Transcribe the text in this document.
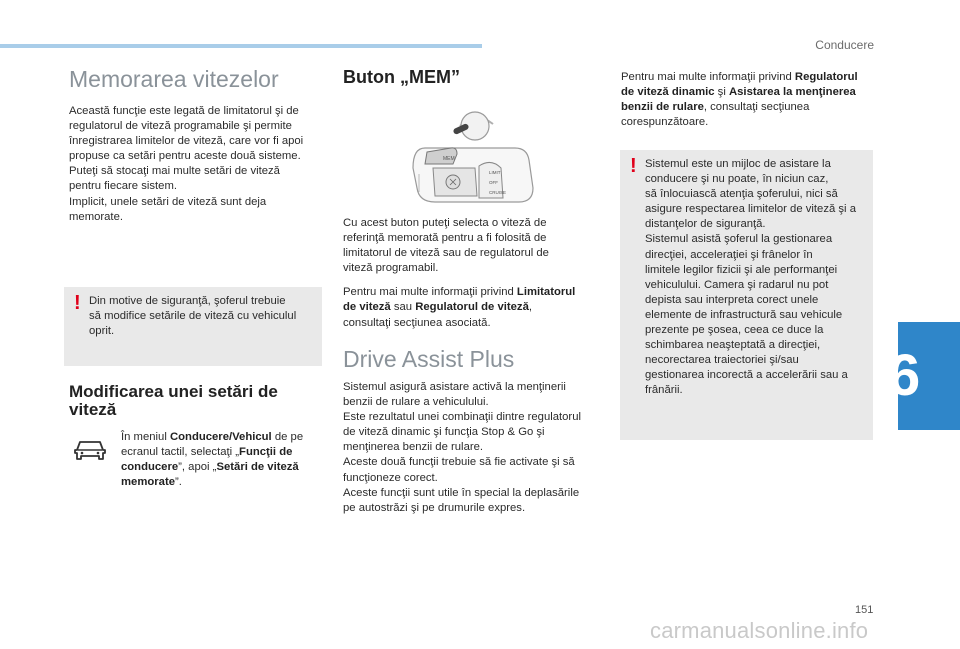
Conducere
6
Memorarea vitezelor
Această funcţie este legată de limitatorul şi de
regulatorul de viteză programabile şi permite
înregistrarea limitelor de viteză, care vor fi apoi
propuse ca setări pentru aceste două sisteme.
Puteţi să stocaţi mai multe setări de viteză
pentru fiecare sistem.
Implicit, unele setări de viteză sunt deja
memorate.
! Din motive de siguranţă, şoferul trebuie
să modifice setările de viteză cu vehiculul
oprit.
Modificarea unei setări de
viteză
În meniul Conducere/Vehicul de pe
ecranul tactil, selectaţi „Funcţii de
conducere”, apoi „Setări de viteză
memorate”.
Buton „MEM”
MEM
LIMIT
OFF
CRUISE
Cu acest buton puteţi selecta o viteză de
referinţă memorată pentru a fi folosită de
limitatorul de viteză sau de regulatorul de
viteză programabil.
Pentru mai multe informaţii privind Limitatorul
de viteză sau Regulatorul de viteză,
consultaţi secţiunea asociată.
Drive Assist Plus
Sistemul asigură asistare activă la menţinerii
benzii de rulare a vehiculului.
Este rezultatul unei combinaţii dintre regulatorul
de viteză dinamic şi funcţia Stop & Go şi
menţinerea benzii de rulare.
Aceste două funcţii trebuie să fie activate şi să
funcţioneze corect.
Aceste funcţii sunt utile în special la deplasările
pe autostrăzi şi pe drumurile expres.
Pentru mai multe informaţii privind Regulatorul
de viteză dinamic şi Asistarea la menţinerea
benzii de rulare, consultaţi secţiunea
corespunzătoare.
! Sistemul este un mijloc de asistare la
conducere şi nu poate, în niciun caz,
să înlocuiască atenţia şoferului, nici să
asigure respectarea limitelor de viteză şi a
distanţelor de siguranţă.
Sistemul asistă şoferul la gestionarea
direcţiei, acceleraţiei şi frânelor în
limitele legilor fizicii şi ale performanţei
vehiculului. Camera şi radarul nu pot
depista sau interpreta corect unele
elemente de infrastructură sau vehicule
prezente pe şosea, ceea ce duce la
schimbarea neaşteptată a direcţiei,
necorectarea traiectoriei şi/sau
gestionarea incorectă a accelerării sau a
frânării.
151
carmanualsonline.info
